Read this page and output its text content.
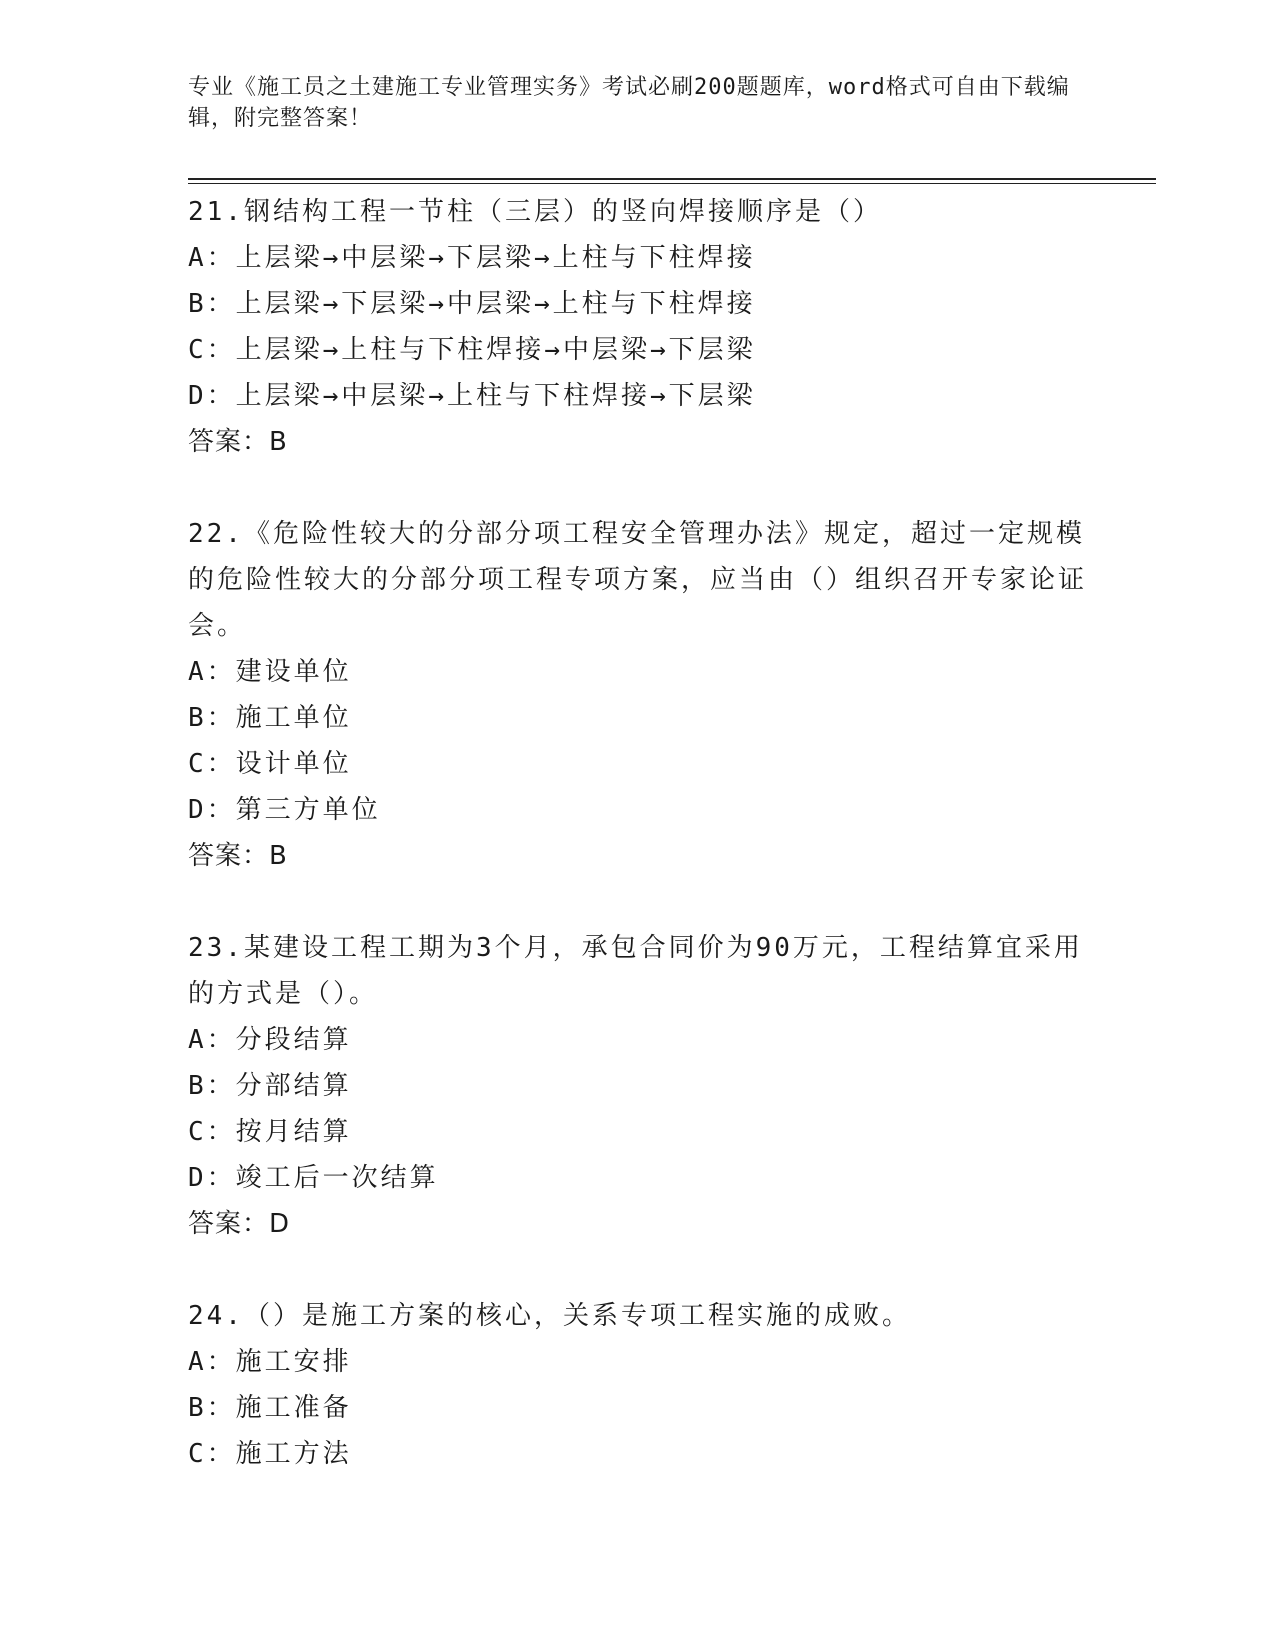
专业《施工员之土建施工专业管理实务》考试必刷200题题库，word格式可自由下载编辑，附完整答案！
21.钢结构工程一节柱（三层）的竖向焊接顺序是（）
A：上层梁→中层梁→下层梁→上柱与下柱焊接
B：上层梁→下层梁→中层梁→上柱与下柱焊接
C：上层梁→上柱与下柱焊接→中层梁→下层梁
D：上层梁→中层梁→上柱与下柱焊接→下层梁
答案：B
22.《危险性较大的分部分项工程安全管理办法》规定，超过一定规模的危险性较大的分部分项工程专项方案，应当由（）组织召开专家论证会。
A：建设单位
B：施工单位
C：设计单位
D：第三方单位
答案：B
23.某建设工程工期为3个月，承包合同价为90万元，工程结算宜采用的方式是（）。
A：分段结算
B：分部结算
C：按月结算
D：竣工后一次结算
答案：D
24.（）是施工方案的核心，关系专项工程实施的成败。
A：施工安排
B：施工准备
C：施工方法
